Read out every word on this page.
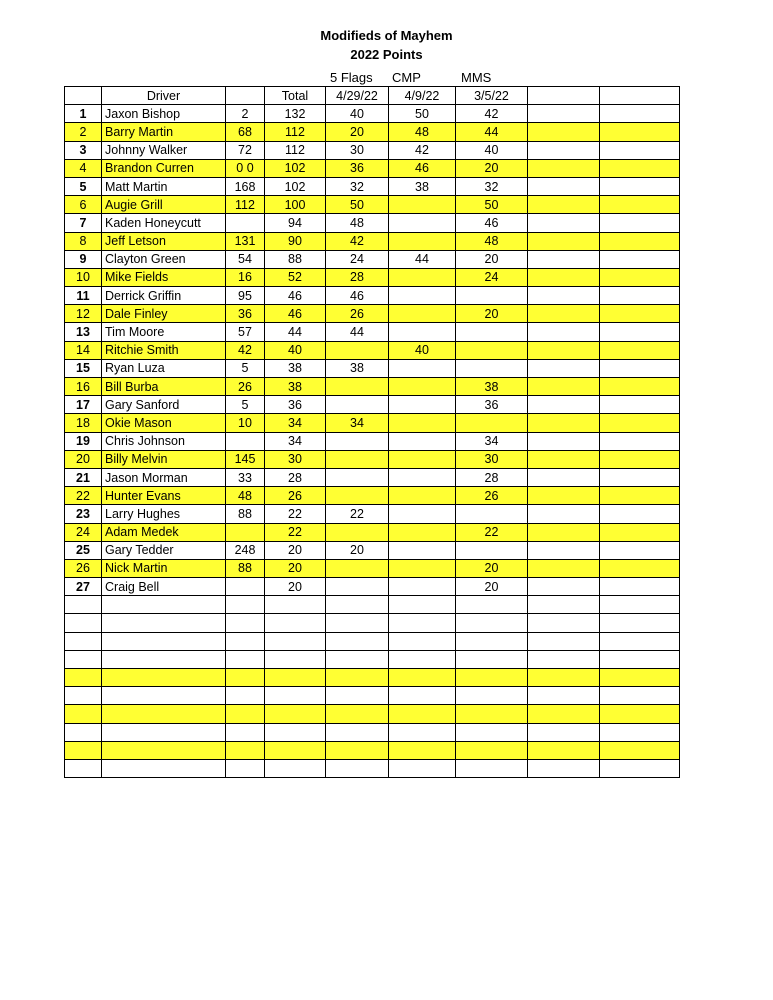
Modifieds of Mayhem
2022 Points
5 Flags CMP	MMS
	Driver		Total	4/29/22	4/9/22	3/5/22		
1	Jaxon Bishop	2	132	40	50	42		
2	Barry Martin	68	112	20	48	44		
3	Johnny Walker	72	112	30	42	40		
4	Brandon Curren	0 0	102	36	46	20		
5	Matt Martin	168	102	32	38	32		
6	Augie Grill	112	100	50		50		
7	Kaden Honeycutt		94	48		46		
8	Jeff Letson	131	90	42		48		
9	Clayton Green	54	88	24	44	20		
10	Mike Fields	16	52	28		24		
11	Derrick Griffin	95	46	46				
12	Dale Finley	36	46	26		20		
13	Tim Moore	57	44	44				
14	Ritchie Smith	42	40		40			
15	Ryan Luza	5	38	38				
16	Bill Burba	26	38			38		
17	Gary Sanford	5	36			36		
18	Okie Mason	10	34	34				
19	Chris Johnson		34			34		
20	Billy Melvin	145	30			30		
21	Jason Morman	33	28			28		
22	Hunter Evans	48	26			26		
23	Larry Hughes	88	22	22				
24	Adam Medek		22			22		
25	Gary Tedder	248	20	20				
26	Nick Martin	88	20			20		
27	Craig Bell		20			20		
